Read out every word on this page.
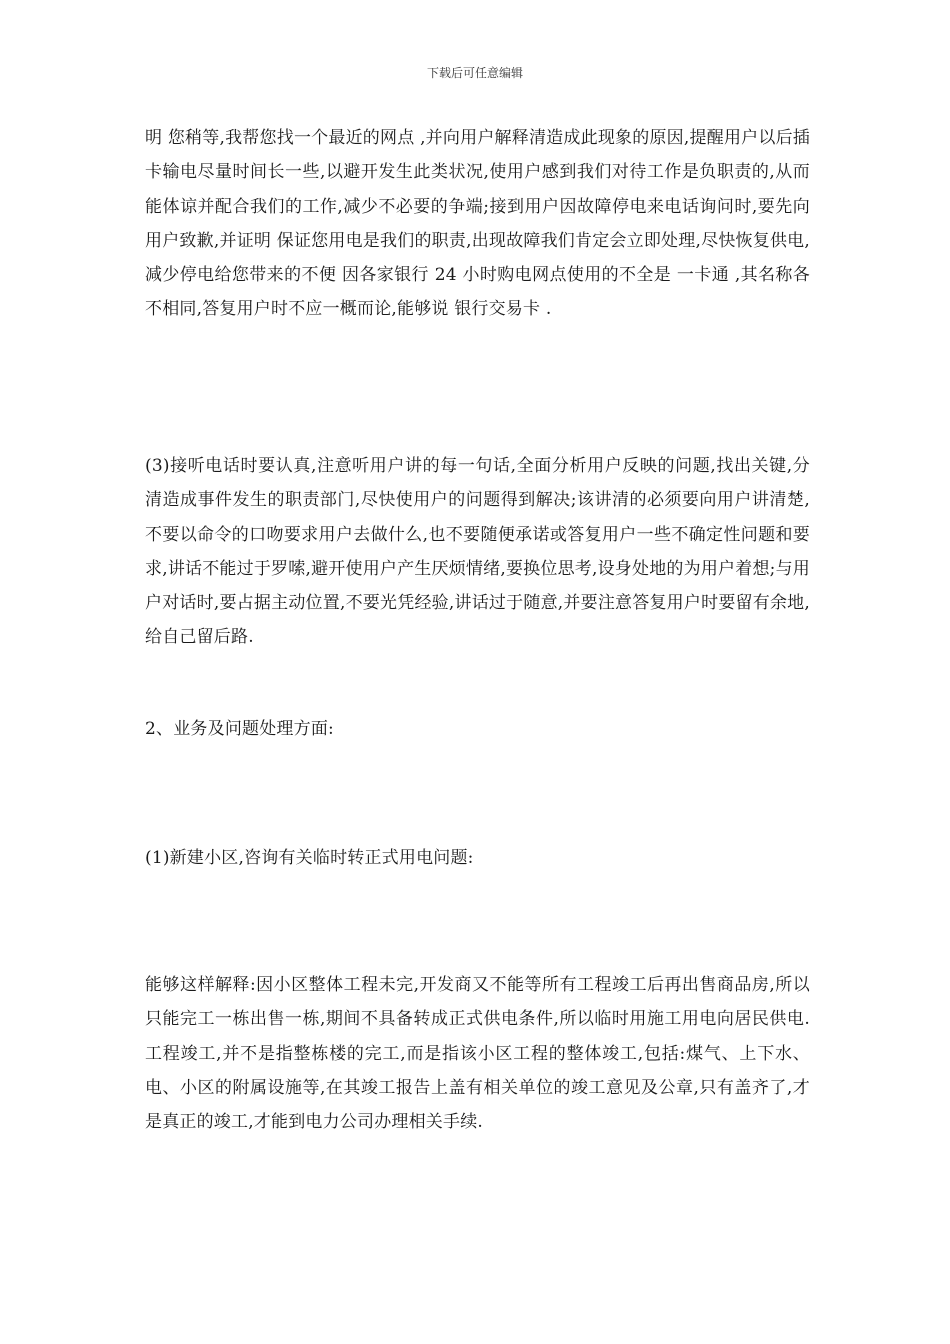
下载后可任意编辑

明 您稍等,我帮您找一个最近的网点 ,并向用户解释清造成此现象的原因,提醒用户以后插卡输电尽量时间长一些,以避开发生此类状况,使用户感到我们对待工作是负职责的,从而能体谅并配合我们的工作,减少不必要的争端;接到用户因故障停电来电话询问时,要先向用户致歉,并证明 保证您用电是我们的职责,出现故障我们肯定会立即处理,尽快恢复供电,减少停电给您带来的不便 因各家银行 24 小时购电网点使用的不全是 一卡通 ,其名称各不相同,答复用户时不应一概而论,能够说 银行交易卡 .

(3)接听电话时要认真,注意听用户讲的每一句话,全面分析用户反映的问题,找出关键,分清造成事件发生的职责部门,尽快使用户的问题得到解决;该讲清的必须要向用户讲清楚,不要以命令的口吻要求用户去做什么,也不要随便承诺或答复用户一些不确定性问题和要求,讲话不能过于罗嗦,避开使用户产生厌烦情绪,要换位思考,设身处地的为用户着想;与用户对话时,要占据主动位置,不要光凭经验,讲话过于随意,并要注意答复用户时要留有余地,给自己留后路.

2、业务及问题处理方面:

(1)新建小区,咨询有关临时转正式用电问题:

能够这样解释:因小区整体工程未完,开发商又不能等所有工程竣工后再出售商品房,所以只能完工一栋出售一栋,期间不具备转成正式供电条件,所以临时用施工用电向居民供电.工程竣工,并不是指整栋楼的完工,而是指该小区工程的整体竣工,包括:煤气、上下水、电、小区的附属设施等,在其竣工报告上盖有相关单位的竣工意见及公章,只有盖齐了,才是真正的竣工,才能到电力公司办理相关手续.
